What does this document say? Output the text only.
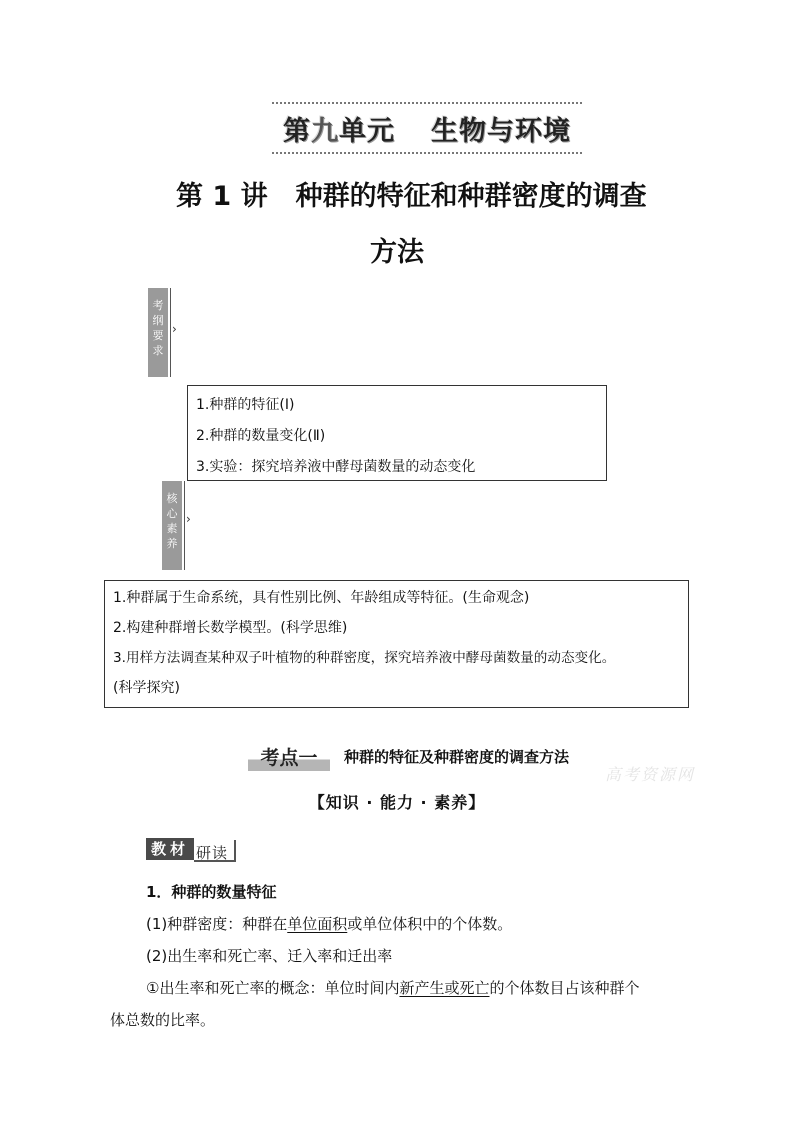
第九单元 生物与环境
第 1 讲 种群的特征和种群密度的调查
方法
考纲要求
›
1.种群的特征(Ⅰ)
2.种群的数量变化(Ⅱ)
3.实验：探究培养液中酵母菌数量的动态变化
核心素养
›
1.种群属于生命系统，具有性别比例、年龄组成等特征。(生命观念)
2.构建种群增长数学模型。(科学思维)
3.用样方法调查某种双子叶植物的种群密度，探究培养液中酵母菌数量的动态变化。
(科学探究)
考点一	种群的特征及种群密度的调查方法
高考资源网
【知识 · 能力 · 素养】
教材 研读
1．种群的数量特征
(1)种群密度：种群在单位面积或单位体积中的个体数。
(2)出生率和死亡率、迁入率和迁出率
①出生率和死亡率的概念：单位时间内新产生或死亡的个体数目占该种群个
体总数的比率。
